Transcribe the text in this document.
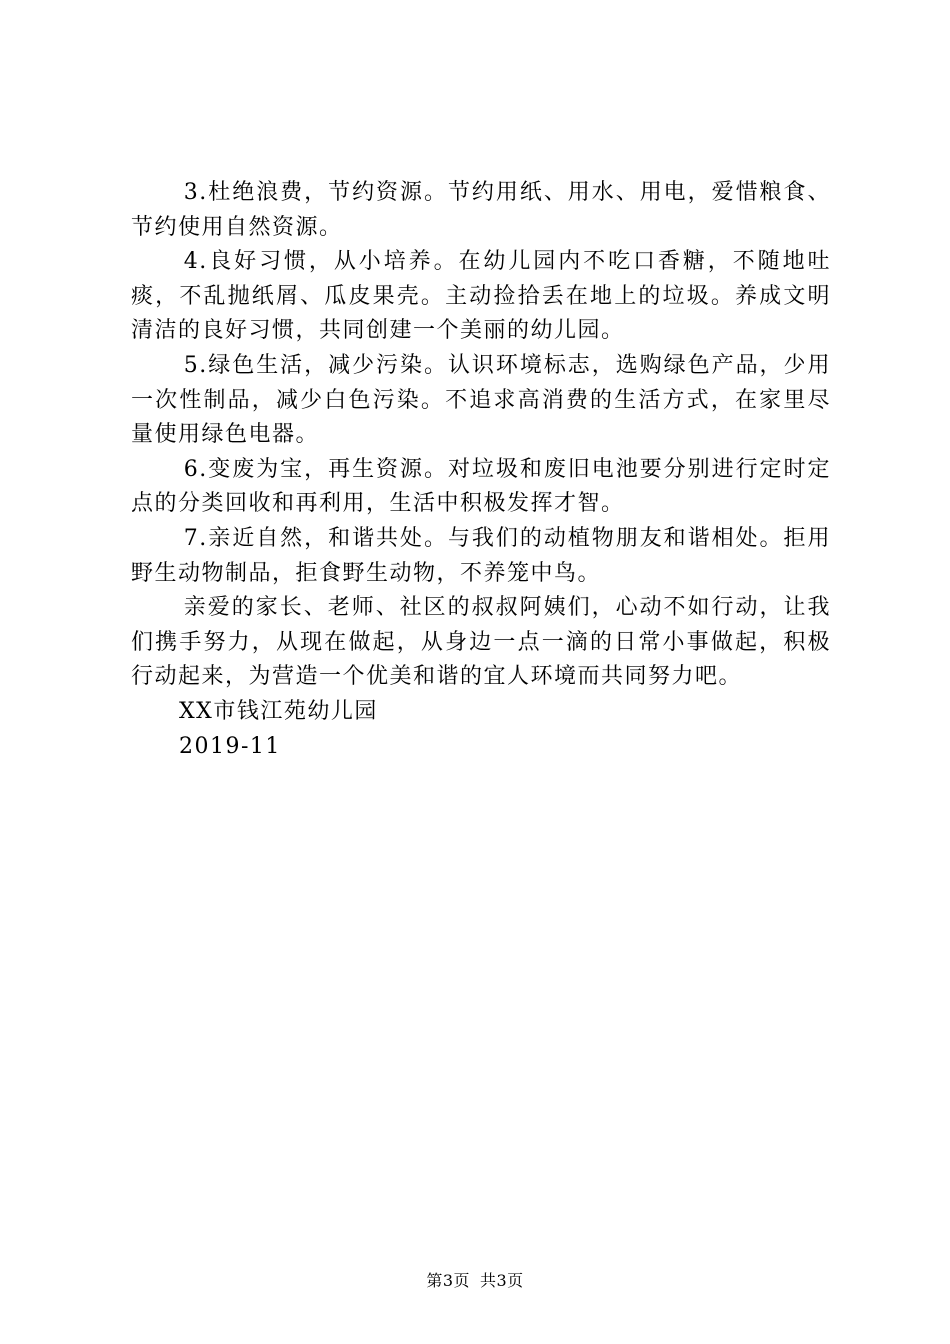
3.杜绝浪费，节约资源。节约用纸、用水、用电，爱惜粮食、节约使用自然资源。

4.良好习惯，从小培养。在幼儿园内不吃口香糖，不随地吐痰，不乱抛纸屑、瓜皮果壳。主动捡拾丢在地上的垃圾。养成文明清洁的良好习惯，共同创建一个美丽的幼儿园。

5.绿色生活，减少污染。认识环境标志，选购绿色产品，少用一次性制品，减少白色污染。不追求高消费的生活方式，在家里尽量使用绿色电器。

6.变废为宝，再生资源。对垃圾和废旧电池要分别进行定时定点的分类回收和再利用，生活中积极发挥才智。

7.亲近自然，和谐共处。与我们的动植物朋友和谐相处。拒用野生动物制品，拒食野生动物，不养笼中鸟。

亲爱的家长、老师、社区的叔叔阿姨们，心动不如行动，让我们携手努力，从现在做起，从身边一点一滴的日常小事做起，积极行动起来，为营造一个优美和谐的宜人环境而共同努力吧。

XX市钱江苑幼儿园

2019-11

第3页 共3页
